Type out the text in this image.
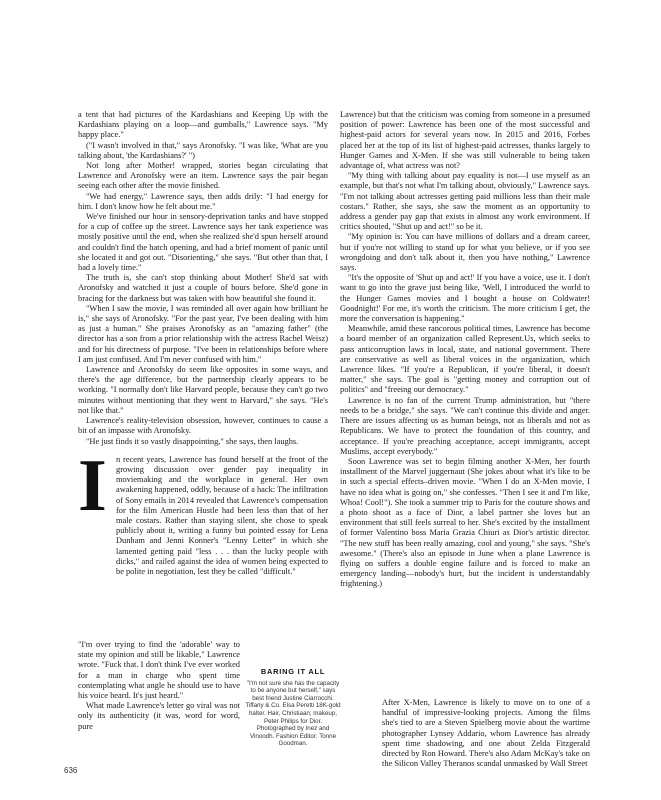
a tent that had pictures of the Kardashians and Keeping Up with the Kardashians playing on a loop—and gumballs," Lawrence says. "My happy place."

("I wasn't involved in that," says Aronofsky. "I was like, 'What are you talking about, 'the Kardashians?' ")

Not long after Mother! wrapped, stories began circulating that Lawrence and Aronofsky were an item. Lawrence says the pair began seeing each other after the movie finished.

"We had energy," Lawrence says, then adds drily: "I had energy for him. I don't know how he felt about me."

We've finished our hour in sensory-deprivation tanks and have stopped for a cup of coffee up the street. Lawrence says her tank experience was mostly positive until the end, when she realized she'd spun herself around and couldn't find the hatch opening, and had a brief moment of panic until she located it and got out. "Disorienting," she says. "But other than that, I had a lovely time."

The truth is, she can't stop thinking about Mother! She'd sat with Aronofsky and watched it just a couple of hours before. She'd gone in bracing for the darkness but was taken with how beautiful she found it.

"When I saw the movie, I was reminded all over again how brilliant he is," she says of Aronofsky. "For the past year, I've been dealing with him as just a human." She praises Aronofsky as an "amazing father" (the director has a son from a prior relationship with the actress Rachel Weisz) and for his directness of purpose. "I've been in relationships before where I am just confused. And I'm never confused with him."

Lawrence and Aronofsky do seem like opposites in some ways, and there's the age difference, but the partnership clearly appears to be working. "I normally don't like Harvard people, because they can't go two minutes without mentioning that they went to Harvard," she says. "He's not like that."

Lawrence's reality-television obsession, however, continues to cause a bit of an impasse with Aronofsky.

"He just finds it so vastly disappointing," she says, then laughs.

I	n recent years, Lawrence has found herself at the front of the growing discussion over gender pay inequality in moviemaking and the workplace in general. Her own awakening happened, oddly, because of a hack: The infiltration of Sony emails in 2014 revealed that Lawrence's compensation for the film American Hustle had been less than that of her male costars. Rather than staying silent, she chose to speak publicly about it, writing a funny but pointed essay for Lena Dunham and Jenni Konner's "Lenny Letter" in which she lamented getting paid "less . . . than the lucky people with dicks," and railed against the idea of women being expected to be polite in negotiation, lest they be called "difficult."

"I'm over trying to find the 'adorable' way to state my opinion and still be likable," Lawrence wrote. "Fuck that. I don't think I've ever worked for a man in charge who spent time contemplating what angle he should use to have his voice heard. It's just heard."

What made Lawrence's letter go viral was not only its authenticity (it was, word for word, pure

BARING IT ALL
"I'm not sure she has the capacity to be anyone but herself," says best friend Justine Ciarrocchi.
Tiffany & Co. Elsa Peretti 18K-gold halter. Hair, Christiaan; makeup, Peter Philips for Dior.
Photographed by Inez and Vinoodh. Fashion Editor: Tonne Goodman.

Lawrence) but that the criticism was coming from someone in a presumed position of power: Lawrence has been one of the most successful and highest-paid actors for several years now. In 2015 and 2016, Forbes placed her at the top of its list of highest-paid actresses, thanks largely to Hunger Games and X-Men. If she was still vulnerable to being taken advantage of, what actress was not?

"My thing with talking about pay equality is not—I use myself as an example, but that's not what I'm talking about, obviously," Lawrence says. "I'm not talking about actresses getting paid millions less than their male costars." Rather, she says, she saw the moment as an opportunity to address a gender pay gap that exists in almost any work environment. If critics shouted, "Shut up and act!" so be it.

"My opinion is: You can have millions of dollars and a dream career, but if you're not willing to stand up for what you believe, or if you see wrongdoing and don't talk about it, then you have nothing," Lawrence says.

"It's the opposite of 'Shut up and act!' If you have a voice, use it. I don't want to go into the grave just being like, 'Well, I introduced the world to the Hunger Games movies and I bought a house on Coldwater! Goodnight!' For me, it's worth the criticism. The more criticism I get, the more the conversation is happening."

Meanwhile, amid these rancorous political times, Lawrence has become a board member of an organization called Represent.Us, which seeks to pass anticorruption laws in local, state, and national government. There are conservative as well as liberal voices in the organization, which Lawrence likes. "If you're a Republican, if you're liberal, it doesn't matter," she says. The goal is "getting money and corruption out of politics" and "freeing our democracy."

Lawrence is no fan of the current Trump administration, but "there needs to be a bridge," she says. "We can't continue this divide and anger. There are issues affecting us as human beings, not as liberals and not as Republicans. We have to protect the foundation of this country, and acceptance. If you're preaching acceptance, accept immigrants, accept Muslims, accept everybody."

Soon Lawrence was set to begin filming another X-Men, her fourth installment of the Marvel juggernaut (She jokes about what it's like to be in such a special effects–driven movie. "When I do an X-Men movie, I have no idea what is going on," she confesses. "Then I see it and I'm like, Whoa! Cool!"). She took a summer trip to Paris for the couture shows and a photo shoot as a face of Dior, a label partner she loves but an environment that still feels surreal to her. She's excited by the installment of former Valentino boss Maria Grazia Chiuri as Dior's artistic director. "The new stuff has been really amazing, cool and young," she says. "She's awesome." (There's also an episode in June when a plane Lawrence is flying on suffers a double engine failure and is forced to make an emergency landing—nobody's hurt, but the incident is understandably frightening.)

After X-Men, Lawrence is likely to move on to one of a handful of impressive-looking projects. Among the films she's tied to are a Steven Spielberg movie about the wartime photographer Lynsey Addario, whom Lawrence has already spent time shadowing, and one about Zelda Fitzgerald directed by Ron Howard. There's also Adam McKay's take on the Silicon Valley Theranos scandal unmasked by Wall Street

636
